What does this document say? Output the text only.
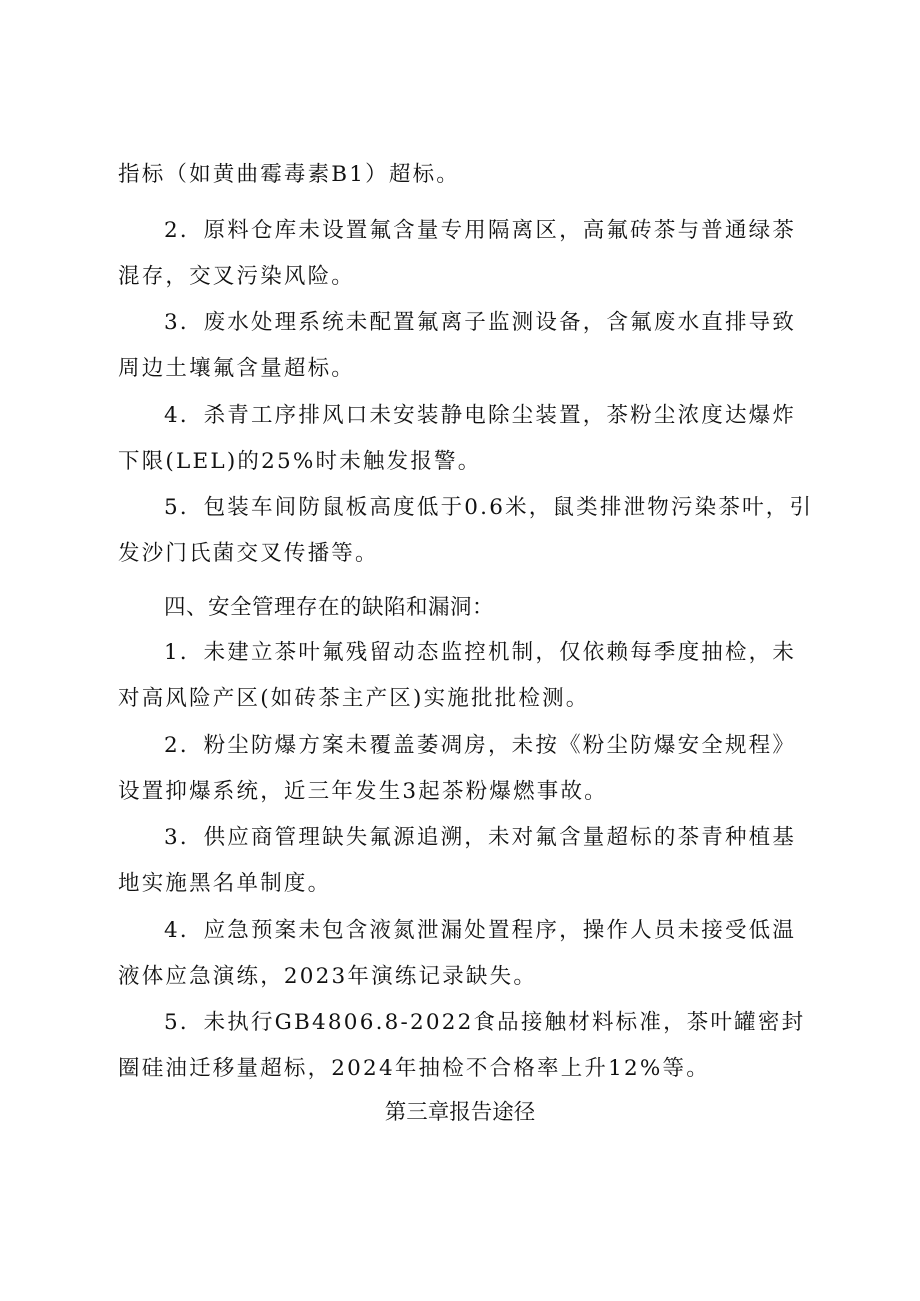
指标（如黄曲霉毒素B1）超标。

2．原料仓库未设置氟含量专用隔离区，高氟砖茶与普通绿茶混存，交叉污染风险。

3．废水处理系统未配置氟离子监测设备，含氟废水直排导致周边土壤氟含量超标。

4．杀青工序排风口未安装静电除尘装置，茶粉尘浓度达爆炸下限(LEL)的25%时未触发报警。

5．包装车间防鼠板高度低于0.6米，鼠类排泄物污染茶叶，引发沙门氏菌交叉传播等。

四、安全管理存在的缺陷和漏洞：

1．未建立茶叶氟残留动态监控机制，仅依赖每季度抽检，未对高风险产区(如砖茶主产区)实施批批检测。

2．粉尘防爆方案未覆盖萎凋房，未按《粉尘防爆安全规程》设置抑爆系统，近三年发生3起茶粉爆燃事故。

3．供应商管理缺失氟源追溯，未对氟含量超标的茶青种植基地实施黑名单制度。

4．应急预案未包含液氮泄漏处置程序，操作人员未接受低温液体应急演练，2023年演练记录缺失。

5．未执行GB4806.8-2022食品接触材料标准，茶叶罐密封圈硅油迁移量超标，2024年抽检不合格率上升12%等。

第三章报告途径
